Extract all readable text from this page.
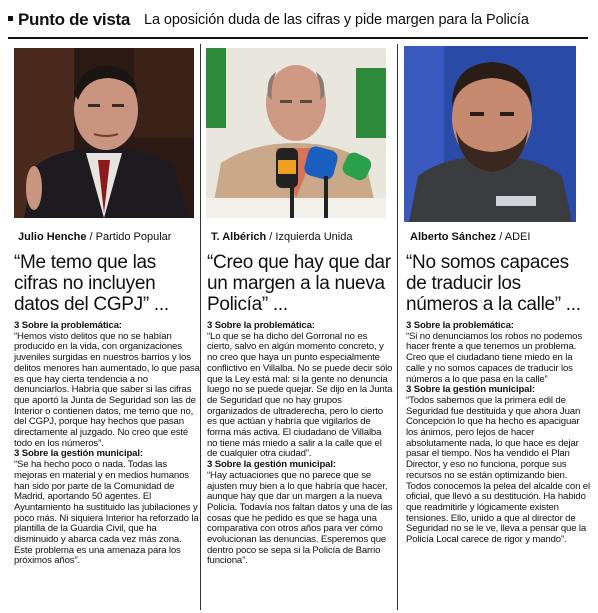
Punto de vista La oposición duda de las cifras y pide margen para la Policía
Julio Henche / Partido Popular
“Me temo que las cifras no incluyen datos del CGPJ” ...
3 Sobre la problemática:

“Hemos visto delitos que no se habían producido en la vida, con organizaciones juveniles surgidas en nuestros barrios y los delitos menores han aumentado, lo que pasa es que hay cierta tendencia a no denunciarlos. Habría que saber si las cifras que aportó la Junta de Seguridad son las de Interior o contienen datos, me temo que no, del CGPJ, porque hay hechos que pasan directamente al juzgado. No creo que esté todo en los números”.

3 Sobre la gestión municipal:

“Se ha hecho poco o nada. Todas las mejoras en material y en medios humanos han sido por parte de la Comunidad de Madrid, aportando 50 agentes. El Ayuntamiento ha sustituido las jubilaciones y poco más. Ni siquiera Interior ha reforzado la plantilla de la Guardia Civil, que ha disminuido y abarca cada vez más zona. Este problema es una amenaza para los próximos años”.

T. Albérich / Izquierda Unida
“Creo que hay que dar un margen a la nueva Policía” ...
3 Sobre la problemática:

“Lo que se ha dicho del Gorronal no es cierto, salvo en algún momento concreto, y no creo que haya un punto especialmente conflictivo en Villalba. No se puede decir sólo que la Ley está mal: si la gente no denuncia luego no se puede quejar. Se dijo en la Junta de Seguridad que no hay grupos organizados de ultraderecha, pero lo cierto es que actúan y habría que vigilarlos de forma más activa. El ciudadano de Villalba no tiene más miedo a salir a la calle que el de cualquier otra ciudad”.

3 Sobre la gestión municipal:

“Hay actuaciones que no parece que se ajusten muy bien a lo que habría que hacer, aunque hay que dar un margen a la nueva Policía. Todavía nos faltan datos y una de las cosas que he pedido es que se haga una comparativa con otros años para ver cómo evolucionan las denuncias. Esperemos que dentro poco se sepa si la Policía de Barrio funciona”.

Alberto Sánchez / ADEI
“No somos capaces de traducir los números a la calle” ...
3 Sobre la problemática:

“Si no denunciamos los robos no podemos hacer frente a que tenemos un problema. Creo que el ciudadano tiene miedo en la calle y no somos capaces de traducir los números a lo que pasa en la calle”

3 Sobre la gestión municipal:

“Todos sabemos que la primera edil de Seguridad fue destituida y que ahora Juan Concepción lo que ha hecho es apaciguar los ánimos, pero lejos de hacer absolutamente nada, lo que hace es dejar pasar el tiempo. Nos ha vendido el Plan Director, y eso no funciona, porque sus recursos no se están optimizando bien. Todos conocemos la pelea del alcalde con el oficial, que llevó a su destitución. Ha habido que readmitirle y lógicamente existen tensiones. Ello, unido a que al director de Seguridad no se le ve, lleva a pensar que la Policía Local carece de rigor y mando”.
